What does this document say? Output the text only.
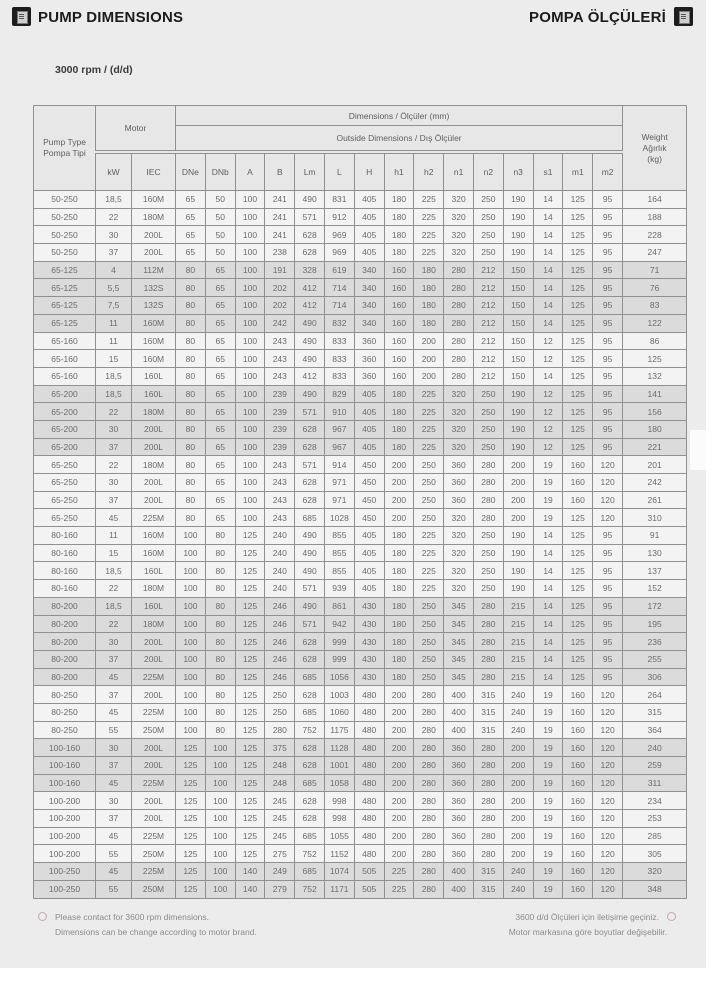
PUMP DIMENSIONS	POMPA ÖLÇÜLERİ
3000 rpm / (d/d)
Pump Type
Pompa Tipi
	Motor	Dimensions / Ölçüler (mm)	
Weight
Ağırlık
(kg)

			Outside Dimensions / Dış Ölçüler															
	kW	IEC	DNe	DNb	A	B	Lm	L	H	h1	h2	n1	n2	n3	s1	m1	m2	
50-250	18,5	160M	65	50	100	241	490	831	405	180	225	320	250	190	14	125	95	164
50-250	22	180M	65	50	100	241	571	912	405	180	225	320	250	190	14	125	95	188
50-250	30	200L	65	50	100	241	628	969	405	180	225	320	250	190	14	125	95	228
50-250	37	200L	65	50	100	238	628	969	405	180	225	320	250	190	14	125	95	247
65-125	4	112M	80	65	100	191	328	619	340	160	180	280	212	150	14	125	95	71
65-125	5,5	132S	80	65	100	202	412	714	340	160	180	280	212	150	14	125	95	76
65-125	7,5	132S	80	65	100	202	412	714	340	160	180	280	212	150	14	125	95	83
65-125	11	160M	80	65	100	242	490	832	340	160	180	280	212	150	14	125	95	122
65-160	11	160M	80	65	100	243	490	833	360	160	200	280	212	150	12	125	95	86
65-160	15	160M	80	65	100	243	490	833	360	160	200	280	212	150	12	125	95	125
65-160	18,5	160L	80	65	100	243	412	833	360	160	200	280	212	150	14	125	95	132
65-200	18,5	160L	80	65	100	239	490	829	405	180	225	320	250	190	12	125	95	141
65-200	22	180M	80	65	100	239	571	910	405	180	225	320	250	190	12	125	95	156
65-200	30	200L	80	65	100	239	628	967	405	180	225	320	250	190	12	125	95	180
65-200	37	200L	80	65	100	239	628	967	405	180	225	320	250	190	12	125	95	221
65-250	22	180M	80	65	100	243	571	914	450	200	250	360	280	200	19	160	120	201
65-250	30	200L	80	65	100	243	628	971	450	200	250	360	280	200	19	160	120	242
65-250	37	200L	80	65	100	243	628	971	450	200	250	360	280	200	19	160	120	261
65-250	45	225M	80	65	100	243	685	1028	450	200	250	320	280	200	19	125	120	310
80-160	11	160M	100	80	125	240	490	855	405	180	225	320	250	190	14	125	95	91
80-160	15	160M	100	80	125	240	490	855	405	180	225	320	250	190	14	125	95	130
80-160	18,5	160L	100	80	125	240	490	855	405	180	225	320	250	190	14	125	95	137
80-160	22	180M	100	80	125	240	571	939	405	180	225	320	250	190	14	125	95	152
80-200	18,5	160L	100	80	125	246	490	861	430	180	250	345	280	215	14	125	95	172
80-200	22	180M	100	80	125	246	571	942	430	180	250	345	280	215	14	125	95	195
80-200	30	200L	100	80	125	246	628	999	430	180	250	345	280	215	14	125	95	236
80-200	37	200L	100	80	125	246	628	999	430	180	250	345	280	215	14	125	95	255
80-200	45	225M	100	80	125	246	685	1056	430	180	250	345	280	215	14	125	95	306
80-250	37	200L	100	80	125	250	628	1003	480	200	280	400	315	240	19	160	120	264
80-250	45	225M	100	80	125	250	685	1060	480	200	280	400	315	240	19	160	120	315
80-250	55	250M	100	80	125	280	752	1175	480	200	280	400	315	240	19	160	120	364
100-160	30	200L	125	100	125	375	628	1128	480	200	280	360	280	200	19	160	120	240
100-160	37	200L	125	100	125	248	628	1001	480	200	280	360	280	200	19	160	120	259
100-160	45	225M	125	100	125	248	685	1058	480	200	280	360	280	200	19	160	120	311
100-200	30	200L	125	100	125	245	628	998	480	200	280	360	280	200	19	160	120	234
100-200	37	200L	125	100	125	245	628	998	480	200	280	360	280	200	19	160	120	253
100-200	45	225M	125	100	125	245	685	1055	480	200	280	360	280	200	19	160	120	285
100-200	55	250M	125	100	125	275	752	1152	480	200	280	360	280	200	19	160	120	305
100-250	45	225M	125	100	140	249	685	1074	505	225	280	400	315	240	19	160	120	320
100-250	55	250M	125	100	140	279	752	1171	505	225	280	400	315	240	19	160	120	348
Please contact for 3600 rpm dimensions.
Dimensions can be change according to motor brand.
3600 d/d Ölçüleri için iletişime geçiniz.
Motor markasına göre boyutlar değişebilir.
